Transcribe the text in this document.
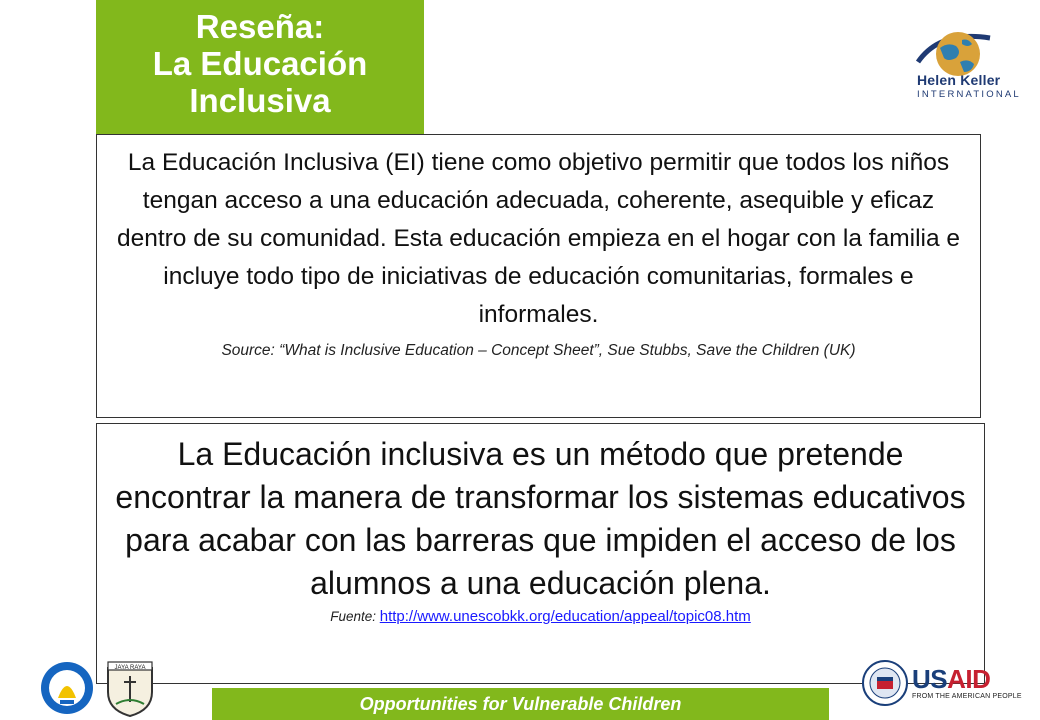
Reseña:
La Educación
Inclusiva
Helen Keller
INTERNATIONAL
La Educación Inclusiva (EI) tiene como objetivo permitir que todos los niños tengan acceso a una educación adecuada, coherente, asequible y eficaz dentro de su comunidad. Esta educación empieza en el hogar con la familia e incluye todo tipo de iniciativas de educación comunitarias, formales e informales.
Source: “What is Inclusive Education – Concept Sheet”, Sue Stubbs, Save the Children (UK)
La Educación inclusiva es un método que pretende encontrar la manera de transformar los sistemas educativos para acabar con las barreras que impiden el acceso de los alumnos a una educación plena.
Fuente: http://www.unescobkk.org/education/appeal/topic08.htm
JAYA RAYA
Opportunities for Vulnerable Children
USAID
FROM THE AMERICAN PEOPLE
